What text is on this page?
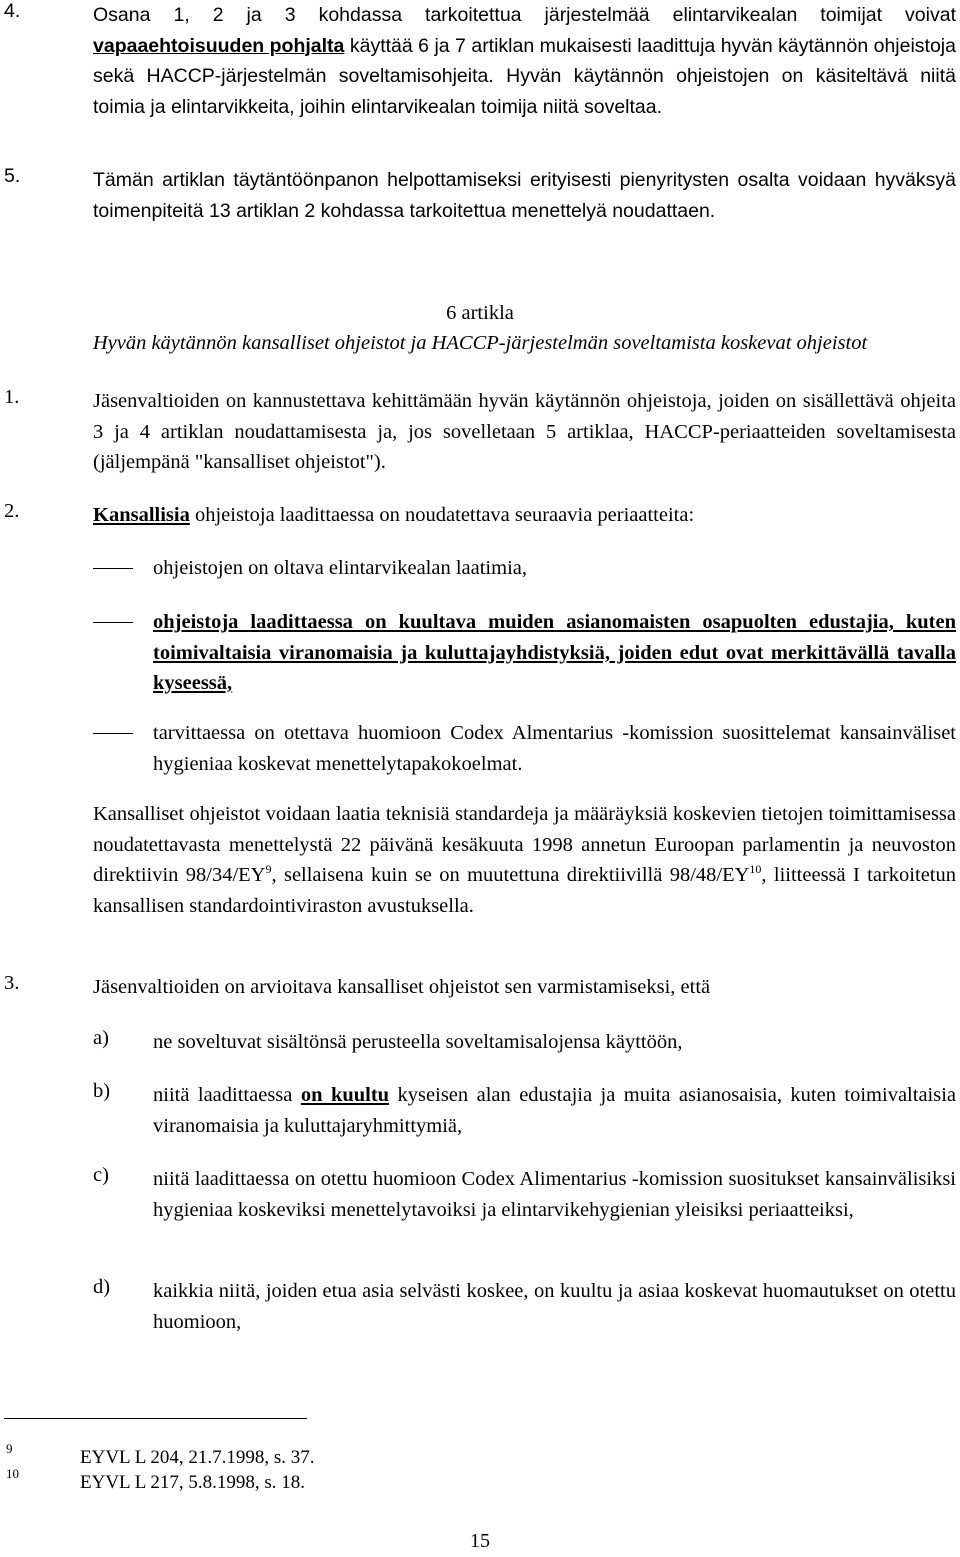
4.	Osana 1, 2 ja 3 kohdassa tarkoitettua järjestelmää elintarvikealan toimijat voivat vapaaehtoisuuden pohjalta käyttää 6 ja 7 artiklan mukaisesti laadittuja hyvän käytännön ohjeistoja sekä HACCP-järjestelmän soveltamisohjeita. Hyvän käytännön ohjeistojen on käsiteltävä niitä toimia ja elintarvikkeita, joihin elintarvikealan toimija niitä soveltaa.
5.	Tämän artiklan täytäntöönpanon helpottamiseksi erityisesti pienyritysten osalta voidaan hyväksyä toimenpiteitä 13 artiklan 2 kohdassa tarkoitettua menettelyä noudattaen.
6 artikla
Hyvän käytännön kansalliset ohjeistot ja HACCP-järjestelmän soveltamista koskevat ohjeistot
1.	Jäsenvaltioiden on kannustettava kehittämään hyvän käytännön ohjeistoja, joiden on sisällettävä ohjeita 3 ja 4 artiklan noudattamisesta ja, jos sovelletaan 5 artiklaa, HACCP-periaatteiden soveltamisesta (jäljempänä "kansalliset ohjeistot").
2.	Kansallisia ohjeistoja laadittaessa on noudatettava seuraavia periaatteita:
ohjeistojen on oltava elintarvikealan laatimia,
ohjeistoja laadittaessa on kuultava muiden asianomaisten osapuolten edustajia, kuten toimivaltaisia viranomaisia ja kuluttajayhdistyksiä, joiden edut ovat merkittävällä tavalla kyseessä,
tarvittaessa on otettava huomioon Codex Almentarius -komission suosittelemat kansainväliset hygieniaa koskevat menettelytapakokoelmat.
Kansalliset ohjeistot voidaan laatia teknisiä standardeja ja määräyksiä koskevien tietojen toimittamisessa noudatettavasta menettelystä 22 päivänä kesäkuuta 1998 annetun Euroopan parlamentin ja neuvoston direktiivin $98/34/EY^9$, sellaisena kuin se on muutettuna direktiivillä 98/48/EY$^{10}$, liitteessä I tarkoitetun kansallisen standardointiviraston avustuksella.
3.	Jäsenvaltioiden on arvioitava kansalliset ohjeistot sen varmistamiseksi, että
a) ne soveltuvat sisältönsä perusteella soveltamisalojensa käyttöön,
b) niitä laadittaessa on kuultu kyseisen alan edustajia ja muita asianosaisia, kuten toimivaltaisia viranomaisia ja kuluttajaryhmittymiä,
c) niitä laadittaessa on otettu huomioon Codex Alimentarius -komission suositukset kansainvälisiksi hygieniaa koskeviksi menettelytavoiksi ja elintarvikehygienian yleisiksi periaatteiksi,
d) kaikkia niitä, joiden etua asia selvästi koskee, on kuultu ja asiaa koskevat huomautukset on otettu huomioon,
9	EYVL L 204, 21.7.1998, s. 37.
10	EYVL L 217, 5.8.1998, s. 18.
15
